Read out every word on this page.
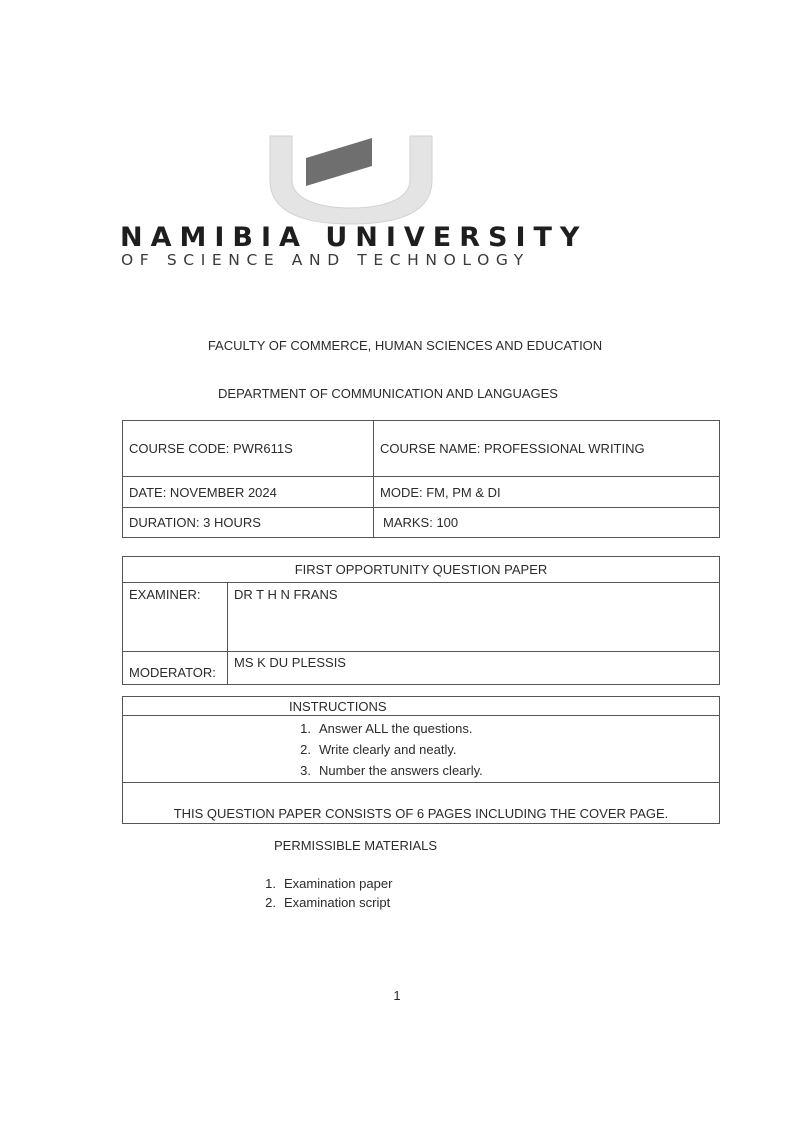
NAMIBIA UNIVERSITY
OF SCIENCE AND TECHNOLOGY
FACULTY OF COMMERCE, HUMAN SCIENCES AND EDUCATION
DEPARTMENT OF COMMUNICATION AND LANGUAGES
COURSE CODE: PWR611S	COURSE NAME: PROFESSIONAL WRITING
DATE: NOVEMBER 2024	MODE: FM, PM & DI
DURATION: 3 HOURS	MARKS: 100
FIRST OPPORTUNITY QUESTION PAPER	
EXAMINER:	DR T H N FRANS
MODERATOR:	MS K DU PLESSIS
INSTRUCTIONS

1. Answer ALL the questions.
2. Write clearly and neatly.
3. Number the answers clearly.

THIS QUESTION PAPER CONSISTS OF 6 PAGES INCLUDING THE COVER PAGE.
PERMISSIBLE MATERIALS
1. Examination paper
2. Examination script
1
